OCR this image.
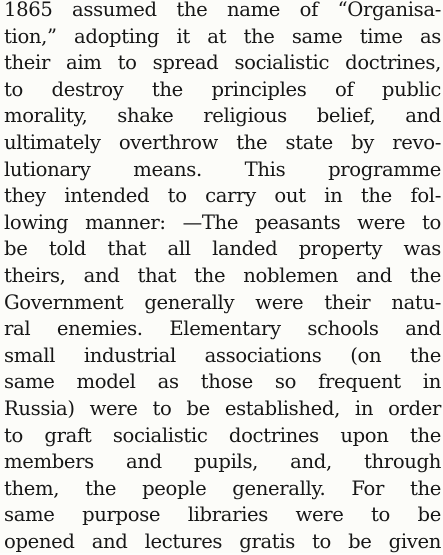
1865 assumed the name of “Organisa-
tion,” adopting it at the same time as
their aim to spread socialistic doctrines,
to destroy the principles of public
morality, shake religious belief, and
ultimately overthrow the state by revo-
lutionary means. This programme
they intended to carry out in the fol-
lowing manner: —The peasants were to
be told that all landed property was
theirs, and that the noblemen and the
Government generally were their natu-
ral enemies. Elementary schools and
small industrial associations (on the
same model as those so frequent in
Russia) were to be established, in order
to graft socialistic doctrines upon the
members and pupils, and, through
them, the people generally. For the
same purpose libraries were to be
opened and lectures gratis to be given
